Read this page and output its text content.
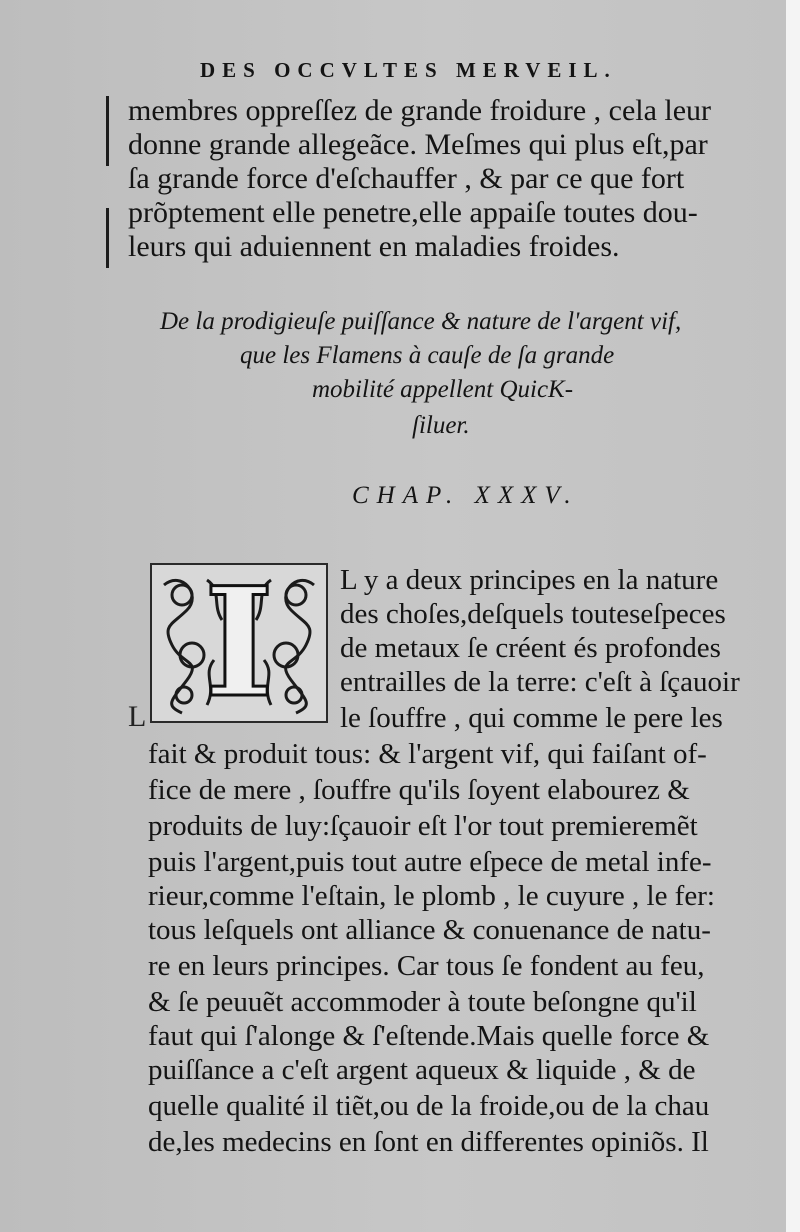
DES OCCVLTES MERVEIL.
membres oppreſſez de grande froidure , cela leur
donne grande allegeãce. Meſmes qui plus eſt,par
ſa grande force d'eſchauffer , & par ce que fort
prõptement elle penetre,elle appaiſe toutes dou-
leurs qui aduiennent en maladies froides.
De la prodigieuſe puiſſance & nature de l'argent vif,
que les Flamens à cauſe de ſa grande
mobilité appellent QuicK-
ſiluer.
CHAP. XXXV.
I
L
L y a deux principes en la nature
des choſes,deſquels touteseſpeces
de metaux ſe créent és profondes
entrailles de la terre: c'eſt à ſçauoir
le ſouffre , qui comme le pere les
fait & produit tous: & l'argent vif, qui faiſant of-
fice de mere , ſouffre qu'ils ſoyent elabourez &
produits de luy:ſçauoir eſt l'or tout premieremẽt
puis l'argent,puis tout autre eſpece de metal infe-
rieur,comme l'eſtain, le plomb , le cuyure , le fer:
tous leſquels ont alliance & conuenance de natu-
re en leurs principes. Car tous ſe fondent au feu,
& ſe peuuẽt accommoder à toute beſongne qu'il
faut qui ſ'alonge & ſ'eſtende.Mais quelle force &
puiſſance a c'eſt argent aqueux & liquide , & de
quelle qualité il tiẽt,ou de la froide,ou de la chau
de,les medecins en ſont en differentes opiniõs. Il
